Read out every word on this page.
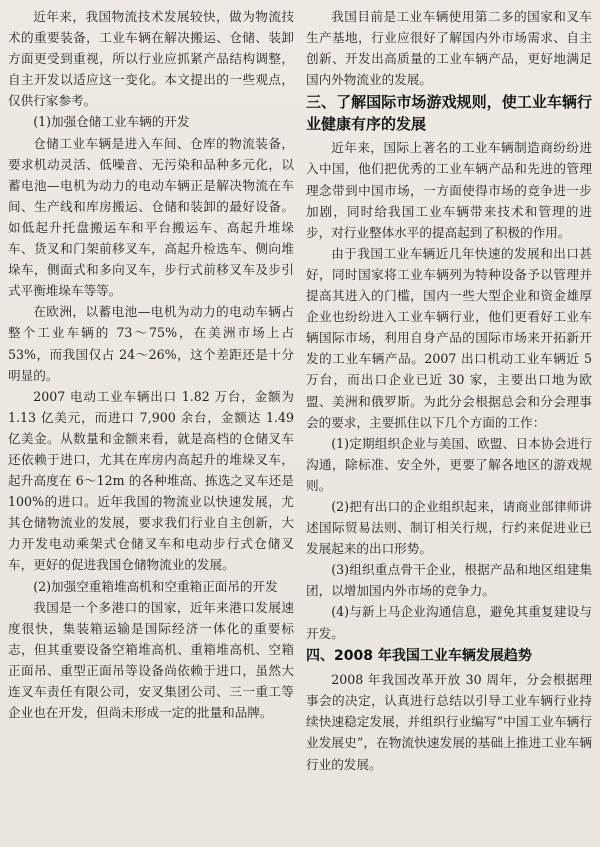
近年来，我国物流技术发展较快，做为物流技术的重要装备，工业车辆在解决搬运、仓储、装卸方面更受到重视，所以行业应抓紧产品结构调整，自主开发以适应这一变化。本文提出的一些观点，仅供行家参考。

(1)加强仓储工业车辆的开发

仓储工业车辆是进入车间、仓库的物流装备，要求机动灵活、低噪音、无污染和品种多元化，以蓄电池—电机为动力的电动车辆正是解决物流在车间、生产线和库房搬运、仓储和装卸的最好设备。如低起升托盘搬运车和平台搬运车、高起升堆垛车、货叉和门架前移叉车，高起升检选车、侧向堆垛车，侧面式和多向叉车，步行式前移叉车及步引式平衡堆垛车等等。

在欧洲，以蓄电池—电机为动力的电动车辆占整个工业车辆的 73～75%，在美洲市场上占 53%，而我国仅占 24～26%，这个差距还是十分明显的。

2007 电动工业车辆出口 1.82 万台，金额为 1.13 亿美元，而进口 7,900 余台，金额达 1.49 亿美金。从数量和金额来看，就是高档的仓储叉车还依赖于进口，尤其在库房内高起升的堆垛叉车，起升高度在 6～12m 的各种堆高、拣选之叉车还是 100%的进口。近年我国的物流业以快速发展，尤其仓储物流业的发展，要求我们行业自主创新，大力开发电动乘架式仓储叉车和电动步行式仓储叉车，更好的促进我国仓储物流业的发展。

(2)加强空重箱堆高机和空重箱正面吊的开发

我国是一个多港口的国家，近年来港口发展速度很快，集装箱运输是国际经济一体化的重要标志，但其重要设备空箱堆高机、重箱堆高机、空箱正面吊、重型正面吊等设备尚依赖于进口，虽然大连叉车责任有限公司，安叉集团公司、三一重工等企业也在开发，但尚未形成一定的批量和品牌。

我国目前是工业车辆使用第二多的国家和叉车生产基地，行业应很好了解国内外市场需求、自主创新、开发出高质量的工业车辆产品，更好地满足国内外物流业的发展。

三、了解国际市场游戏规则，使工业车辆行业健康有序的发展

近年来，国际上著名的工业车辆制造商纷纷进入中国，他们把优秀的工业车辆产品和先进的管理理念带到中国市场，一方面使得市场的竞争进一步加剧，同时给我国工业车辆带来技术和管理的进步，对行业整体水平的提高起到了积极的作用。

由于我国工业车辆近几年快速的发展和出口甚好，同时国家将工业车辆列为特种设备予以管理并提高其进入的门槛，国内一些大型企业和资金雄厚企业也纷纷进入工业车辆行业，他们更看好工业车辆国际市场，利用自身产品的国际市场来开拓新开发的工业车辆产品。2007 出口机动工业车辆近 5 万台，而出口企业已近 30 家，主要出口地为欧盟、美洲和俄罗斯。为此分会根据总会和分会理事会的要求，主要抓住以下几个方面的工作：

(1)定期组织企业与美国、欧盟、日本协会进行沟通，除标准、安全外，更要了解各地区的游戏规则。

(2)把有出口的企业组织起来，请商业部律师讲述国际贸易法则、制订相关行规，行约来促进业已发展起来的出口形势。

(3)组织重点骨干企业，根据产品和地区组建集团，以增加国内外市场的竞争力。

(4)与新上马企业沟通信息，避免其重复建设与开发。

四、2008 年我国工业车辆发展趋势

2008 年我国改革开放 30 周年，分会根据理事会的决定，认真进行总结以引导工业车辆行业持续快速稳定发展，并组织行业编写“中国工业车辆行业发展史”，在物流快速发展的基础上推进工业车辆行业的发展。
